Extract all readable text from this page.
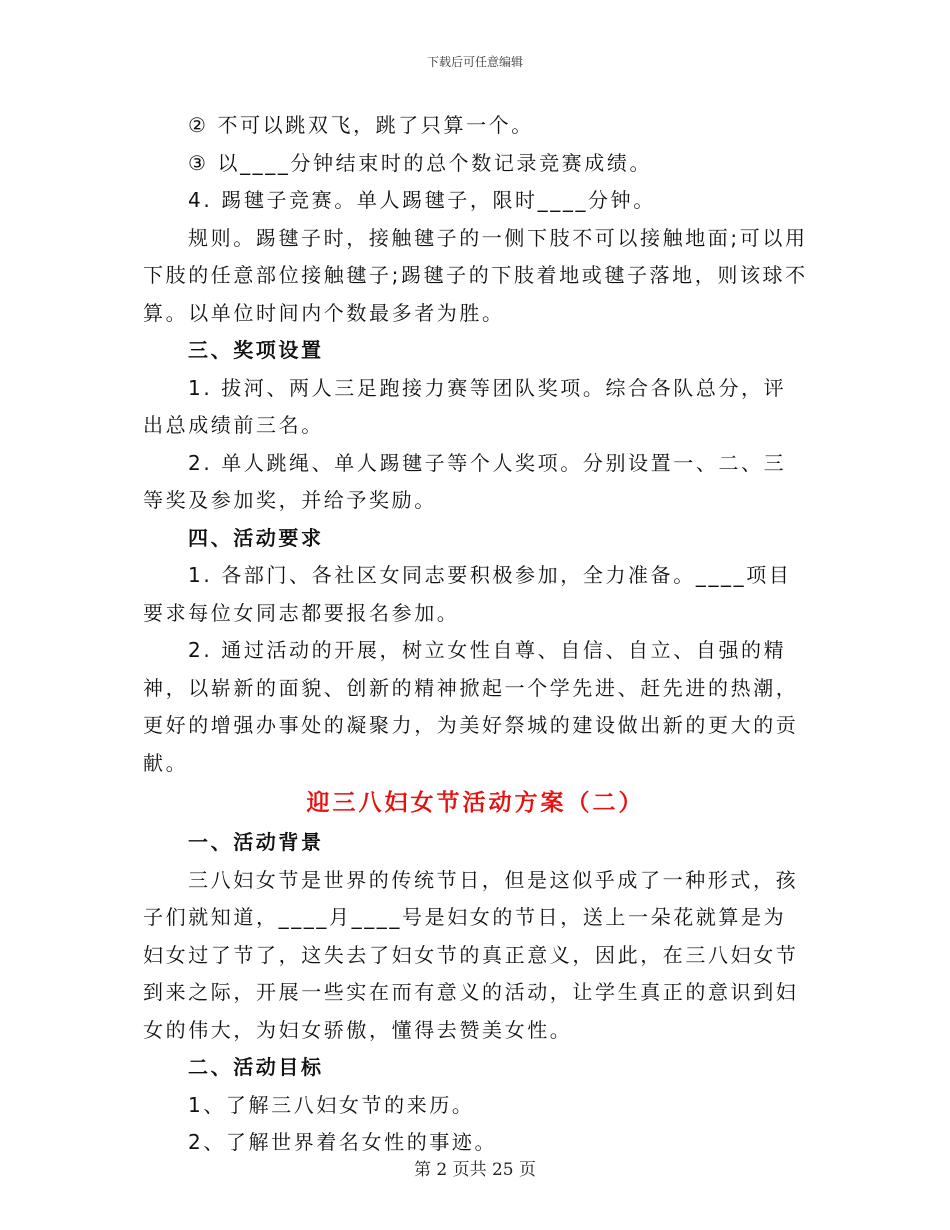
下载后可任意编辑

② 不可以跳双飞，跳了只算一个。

③ 以____分钟结束时的总个数记录竞赛成绩。

4. 踢毽子竞赛。单人踢毽子，限时____分钟。

规则。踢毽子时，接触毽子的一侧下肢不可以接触地面;可以用下肢的任意部位接触毽子;踢毽子的下肢着地或毽子落地，则该球不算。以单位时间内个数最多者为胜。

三、奖项设置

1. 拔河、两人三足跑接力赛等团队奖项。综合各队总分，评出总成绩前三名。

2. 单人跳绳、单人踢毽子等个人奖项。分别设置一、二、三等奖及参加奖，并给予奖励。

四、活动要求

1. 各部门、各社区女同志要积极参加，全力准备。____项目要求每位女同志都要报名参加。

2. 通过活动的开展，树立女性自尊、自信、自立、自强的精神，以崭新的面貌、创新的精神掀起一个学先进、赶先进的热潮，更好的增强办事处的凝聚力，为美好祭城的建设做出新的更大的贡献。

迎三八妇女节活动方案（二）

一、活动背景

三八妇女节是世界的传统节日，但是这似乎成了一种形式，孩子们就知道，____月____号是妇女的节日，送上一朵花就算是为妇女过了节了，这失去了妇女节的真正意义，因此，在三八妇女节到来之际，开展一些实在而有意义的活动，让学生真正的意识到妇女的伟大，为妇女骄傲，懂得去赞美女性。

二、活动目标

1、了解三八妇女节的来历。

2、了解世界着名女性的事迹。

第 2 页共 25 页
